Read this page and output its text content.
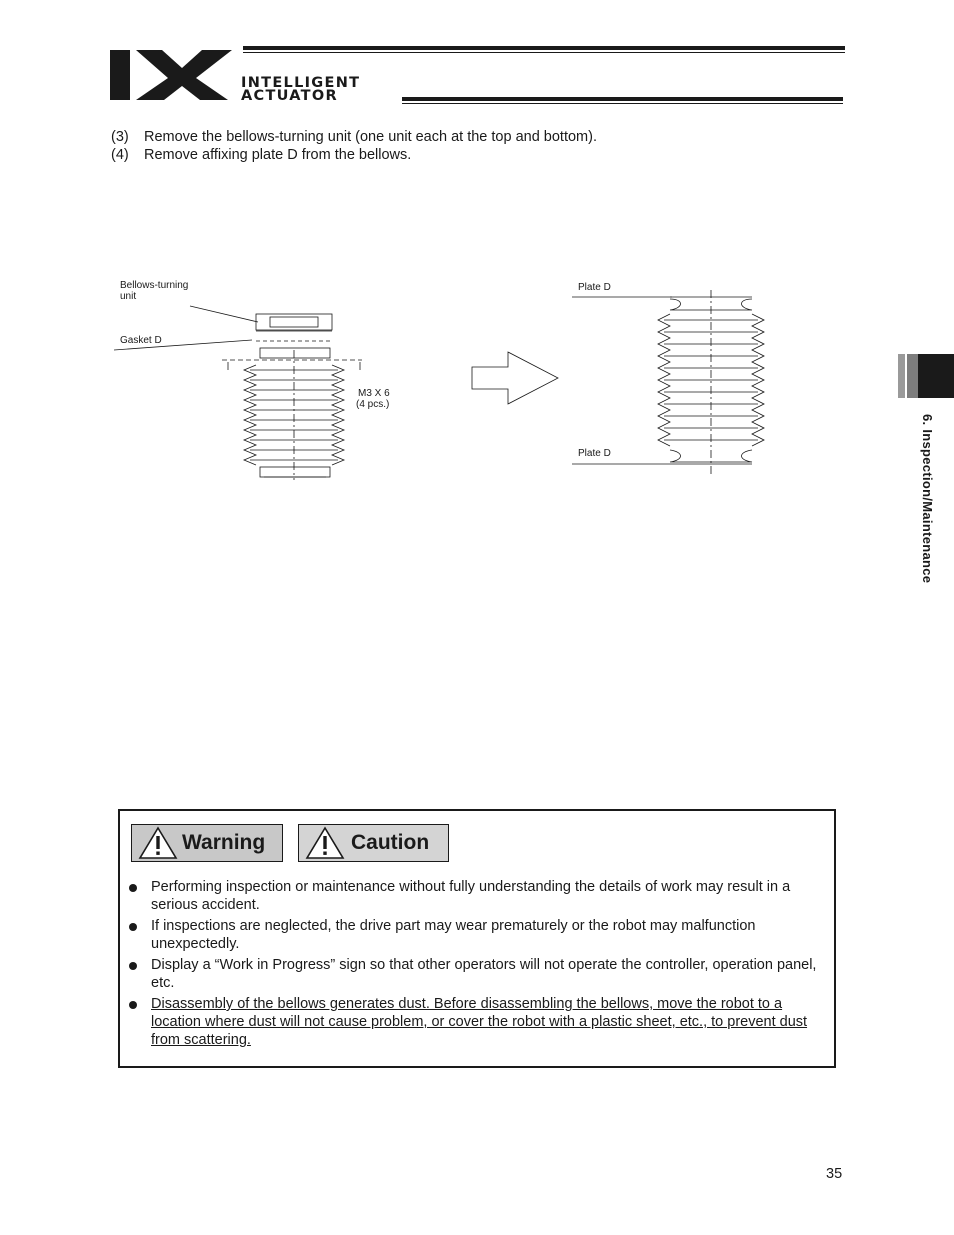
INTELLIGENT
ACTUATOR
(3)	Remove the bellows-turning unit (one unit each at the top and bottom).
(4)	Remove affixing plate D from the bellows.
Bellows-turning
unit
Gasket D
M3 X 6
(4 pcs.)
Plate D
Plate D	6. Inspection/Maintenance
Warning	Caution
Performing inspection or maintenance without fully understanding the details of work may result in a serious accident.
If inspections are neglected, the drive part may wear prematurely or the robot may malfunction unexpectedly.
Display a “Work in Progress” sign so that other operators will not operate the controller, operation panel, etc.
Disassembly of the bellows generates dust. Before disassembling the bellows, move the robot to a location where dust will not cause problem, or cover the robot with a plastic sheet, etc., to prevent dust from scattering.
35
